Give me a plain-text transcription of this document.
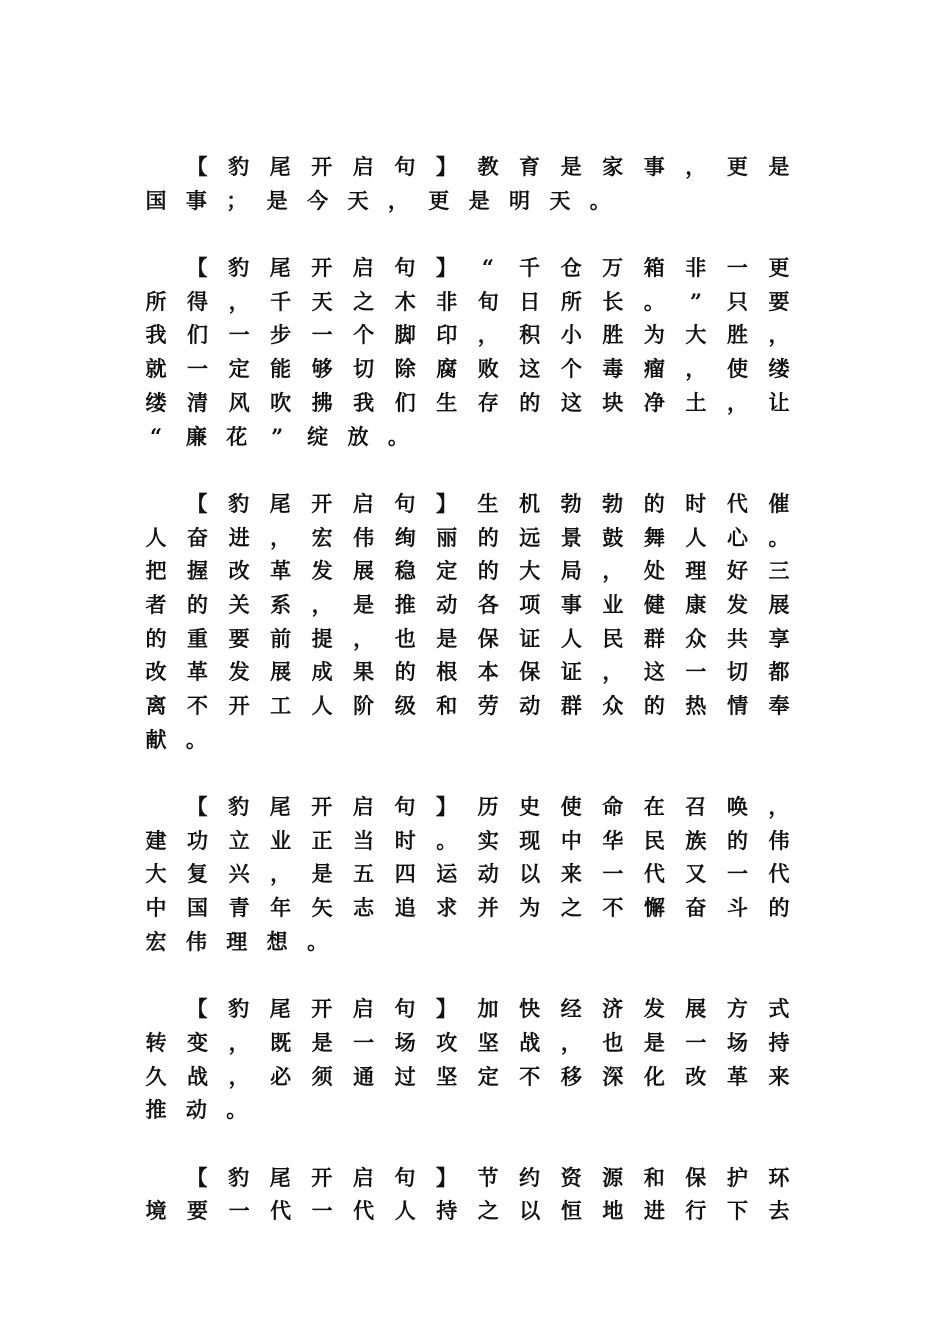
【 豹 尾 开 启 句 】 教 育 是 家 事 ， 更 是
国 事 ； 是 今 天 ， 更 是 明 天 。
【 豹 尾 开 启 句 】 “ 千 仓 万 箱 非 一 更
所 得 ， 千 天 之 木 非 旬 日 所 长 。 ” 只 要
我 们 一 步 一 个 脚 印 ， 积 小 胜 为 大 胜 ，
就 一 定 能 够 切 除 腐 败 这 个 毒 瘤 ， 使 缕
缕 清 风 吹 拂 我 们 生 存 的 这 块 净 土 ， 让
“ 廉 花 ” 绽 放 。
【 豹 尾 开 启 句 】 生 机 勃 勃 的 时 代 催
人 奋 进 ， 宏 伟 绚 丽 的 远 景 鼓 舞 人 心 。
把 握 改 革 发 展 稳 定 的 大 局 ， 处 理 好 三
者 的 关 系 ， 是 推 动 各 项 事 业 健 康 发 展
的 重 要 前 提 ， 也 是 保 证 人 民 群 众 共 享
改 革 发 展 成 果 的 根 本 保 证 ， 这 一 切 都
离 不 开 工 人 阶 级 和 劳 动 群 众 的 热 情 奉
献 。
【 豹 尾 开 启 句 】 历 史 使 命 在 召 唤 ，
建 功 立 业 正 当 时 。 实 现 中 华 民 族 的 伟
大 复 兴 ， 是 五 四 运 动 以 来 一 代 又 一 代
中 国 青 年 矢 志 追 求 并 为 之 不 懈 奋 斗 的
宏 伟 理 想 。
【 豹 尾 开 启 句 】 加 快 经 济 发 展 方 式
转 变 ， 既 是 一 场 攻 坚 战 ， 也 是 一 场 持
久 战 ， 必 须 通 过 坚 定 不 移 深 化 改 革 来
推 动 。
【 豹 尾 开 启 句 】 节 约 资 源 和 保 护 环
境 要 一 代 一 代 人 持 之 以 恒 地 进 行 下 去
